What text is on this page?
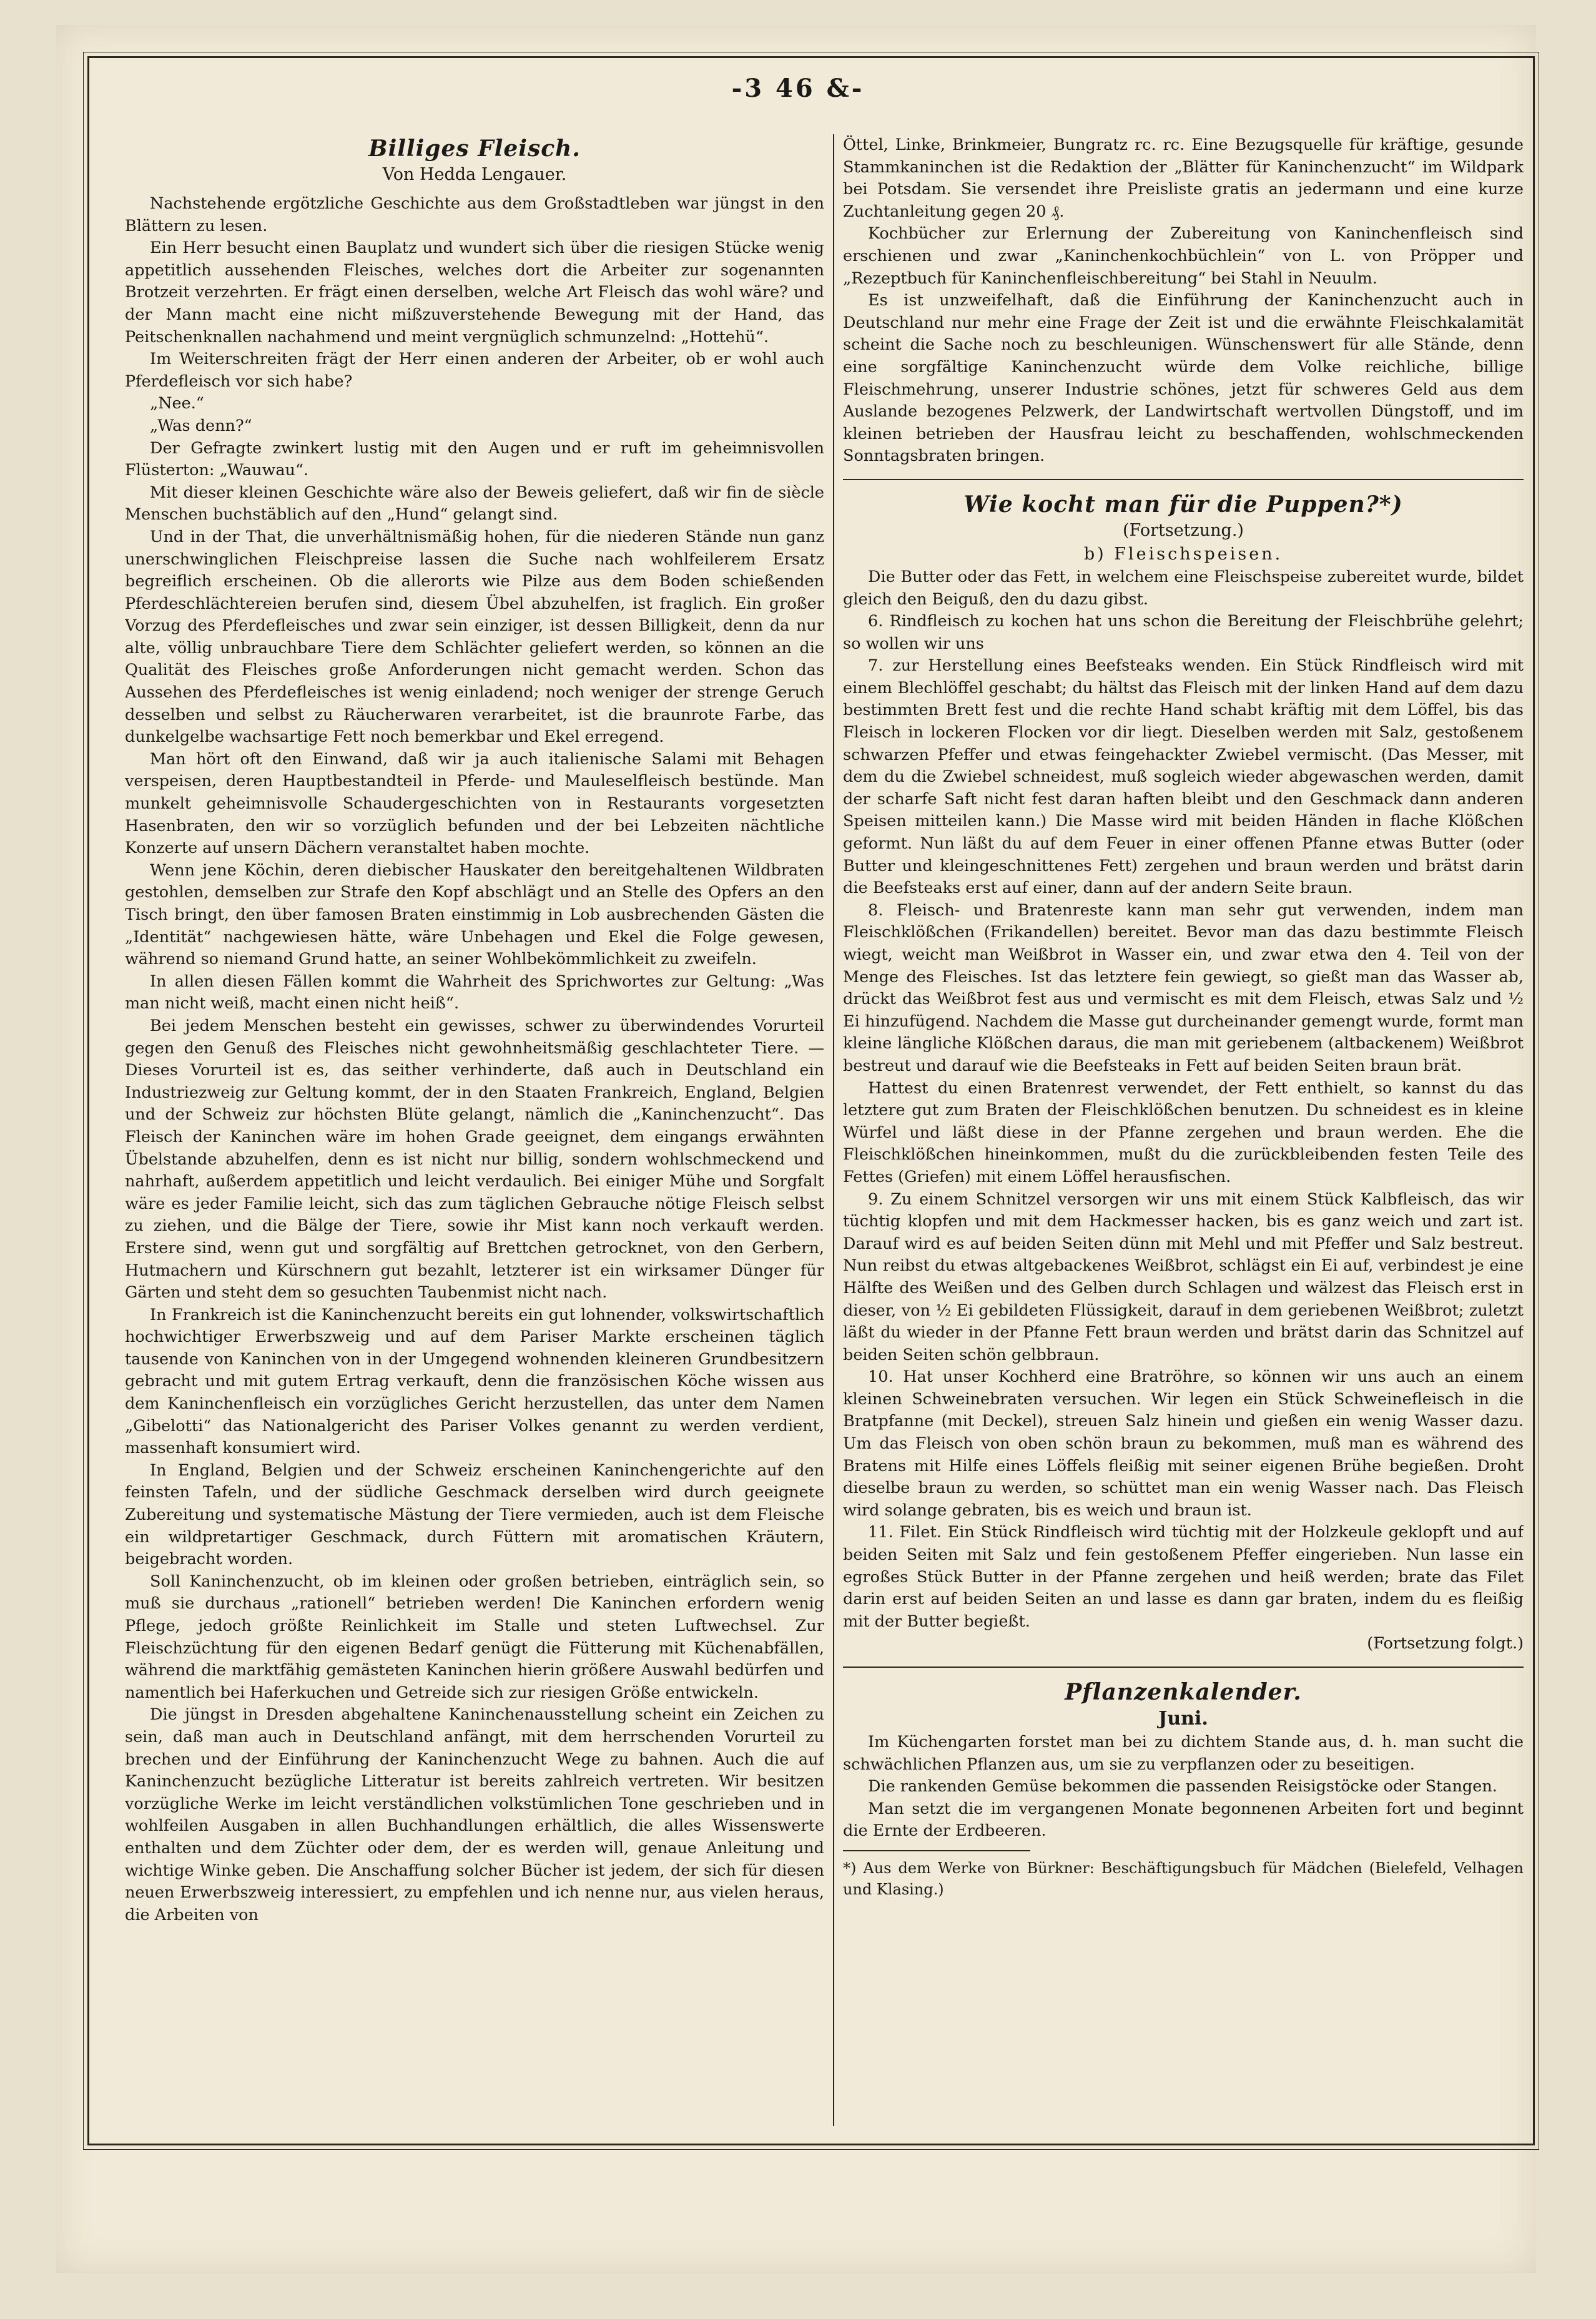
-3 46 &-
Billiges Fleisch.
Von Hedda Lengauer.

Nachstehende ergötzliche Geschichte aus dem Großstadtleben war jüngst in den Blättern zu lesen.

Ein Herr besucht einen Bauplatz und wundert sich über die riesigen Stücke wenig appetitlich aussehenden Fleisches, welches dort die Arbeiter zur sogenannten Brotzeit verzehrten. Er frägt einen derselben, welche Art Fleisch das wohl wäre? und der Mann macht eine nicht mißzuverstehende Bewegung mit der Hand, das Peitschenknallen nachahmend und meint vergnüglich schmunzelnd: „Hottehü“.

Im Weiterschreiten frägt der Herr einen anderen der Arbeiter, ob er wohl auch Pferdefleisch vor sich habe?

„Nee.“

„Was denn?“

Der Gefragte zwinkert lustig mit den Augen und er ruft im geheimnisvollen Flüsterton: „Wauwau“.

Mit dieser kleinen Geschichte wäre also der Beweis geliefert, daß wir fin de siècle Menschen buchstäblich auf den „Hund“ gelangt sind.

Und in der That, die unverhältnismäßig hohen, für die niederen Stände nun ganz unerschwinglichen Fleischpreise lassen die Suche nach wohlfeilerem Ersatz begreiflich erscheinen. Ob die allerorts wie Pilze aus dem Boden schießenden Pferdeschlächtereien berufen sind, diesem Übel abzuhelfen, ist fraglich. Ein großer Vorzug des Pferdefleisches und zwar sein einziger, ist dessen Billigkeit, denn da nur alte, völlig unbrauchbare Tiere dem Schlächter geliefert werden, so können an die Qualität des Fleisches große Anforderungen nicht gemacht werden. Schon das Aussehen des Pferdefleisches ist wenig einladend; noch weniger der strenge Geruch desselben und selbst zu Räucherwaren verarbeitet, ist die braunrote Farbe, das dunkelgelbe wachsartige Fett noch bemerkbar und Ekel erregend.

Man hört oft den Einwand, daß wir ja auch italienische Salami mit Behagen verspeisen, deren Hauptbestandteil in Pferde- und Mauleselfleisch bestünde. Man munkelt geheimnisvolle Schaudergeschichten von in Restaurants vorgesetzten Hasenbraten, den wir so vorzüglich befunden und der bei Lebzeiten nächtliche Konzerte auf unsern Dächern veranstaltet haben mochte.

Wenn jene Köchin, deren diebischer Hauskater den bereitgehaltenen Wildbraten gestohlen, demselben zur Strafe den Kopf abschlägt und an Stelle des Opfers an den Tisch bringt, den über famosen Braten einstimmig in Lob ausbrechenden Gästen die „Identität“ nachgewiesen hätte, wäre Unbehagen und Ekel die Folge gewesen, während so niemand Grund hatte, an seiner Wohlbekömmlichkeit zu zweifeln.

In allen diesen Fällen kommt die Wahrheit des Sprichwortes zur Geltung: „Was man nicht weiß, macht einen nicht heiß“.

Bei jedem Menschen besteht ein gewisses, schwer zu überwindendes Vorurteil gegen den Genuß des Fleisches nicht gewohnheitsmäßig geschlachteter Tiere. — Dieses Vorurteil ist es, das seither verhinderte, daß auch in Deutschland ein Industriezweig zur Geltung kommt, der in den Staaten Frankreich, England, Belgien und der Schweiz zur höchsten Blüte gelangt, nämlich die „Kaninchenzucht“. Das Fleisch der Kaninchen wäre im hohen Grade geeignet, dem eingangs erwähnten Übelstande abzuhelfen, denn es ist nicht nur billig, sondern wohlschmeckend und nahrhaft, außerdem appetitlich und leicht verdaulich. Bei einiger Mühe und Sorgfalt wäre es jeder Familie leicht, sich das zum täglichen Gebrauche nötige Fleisch selbst zu ziehen, und die Bälge der Tiere, sowie ihr Mist kann noch verkauft werden. Erstere sind, wenn gut und sorgfältig auf Brettchen getrocknet, von den Gerbern, Hutmachern und Kürschnern gut bezahlt, letzterer ist ein wirksamer Dünger für Gärten und steht dem so gesuchten Taubenmist nicht nach.

In Frankreich ist die Kaninchenzucht bereits ein gut lohnender, volkswirtschaftlich hochwichtiger Erwerbszweig und auf dem Pariser Markte erscheinen täglich tausende von Kaninchen von in der Umgegend wohnenden kleineren Grundbesitzern gebracht und mit gutem Ertrag verkauft, denn die französischen Köche wissen aus dem Kaninchenfleisch ein vorzügliches Gericht herzustellen, das unter dem Namen „Gibelotti“ das Nationalgericht des Pariser Volkes genannt zu werden verdient, massenhaft konsumiert wird.

In England, Belgien und der Schweiz erscheinen Kaninchengerichte auf den feinsten Tafeln, und der südliche Geschmack derselben wird durch geeignete Zubereitung und systematische Mästung der Tiere vermieden, auch ist dem Fleische ein wildpretartiger Geschmack, durch Füttern mit aromatischen Kräutern, beigebracht worden.

Soll Kaninchenzucht, ob im kleinen oder großen betrieben, einträglich sein, so muß sie durchaus „rationell“ betrieben werden! Die Kaninchen erfordern wenig Pflege, jedoch größte Reinlichkeit im Stalle und steten Luftwechsel. Zur Fleischzüchtung für den eigenen Bedarf genügt die Fütterung mit Küchenabfällen, während die marktfähig gemästeten Kaninchen hierin größere Auswahl bedürfen und namentlich bei Haferkuchen und Getreide sich zur riesigen Größe entwickeln.

Die jüngst in Dresden abgehaltene Kaninchenausstellung scheint ein Zeichen zu sein, daß man auch in Deutschland anfängt, mit dem herrschenden Vorurteil zu brechen und der Einführung der Kaninchenzucht Wege zu bahnen. Auch die auf Kaninchenzucht bezügliche Litteratur ist bereits zahlreich vertreten. Wir besitzen vorzügliche Werke im leicht verständlichen volkstümlichen Tone geschrieben und in wohlfeilen Ausgaben in allen Buchhandlungen erhältlich, die alles Wissenswerte enthalten und dem Züchter oder dem, der es werden will, genaue Anleitung und wichtige Winke geben. Die Anschaffung solcher Bücher ist jedem, der sich für diesen neuen Erwerbszweig interessiert, zu empfehlen und ich nenne nur, aus vielen heraus, die Arbeiten von

Öttel, Linke, Brinkmeier, Bungratz rc. rc. Eine Bezugsquelle für kräftige, gesunde Stammkaninchen ist die Redaktion der „Blätter für Kaninchenzucht“ im Wildpark bei Potsdam. Sie versendet ihre Preisliste gratis an jedermann und eine kurze Zuchtanleitung gegen 20 ₰.

Kochbücher zur Erlernung der Zubereitung von Kaninchenfleisch sind erschienen und zwar „Kaninchenkochbüchlein“ von L. von Pröpper und „Rezeptbuch für Kaninchenfleischbereitung“ bei Stahl in Neuulm.

Es ist unzweifelhaft, daß die Einführung der Kaninchenzucht auch in Deutschland nur mehr eine Frage der Zeit ist und die erwähnte Fleischkalamität scheint die Sache noch zu beschleunigen. Wünschenswert für alle Stände, denn eine sorgfältige Kaninchenzucht würde dem Volke reichliche, billige Fleischmehrung, unserer Industrie schönes, jetzt für schweres Geld aus dem Auslande bezogenes Pelzwerk, der Landwirtschaft wertvollen Düngstoff, und im kleinen betrieben der Hausfrau leicht zu beschaffenden, wohlschmeckenden Sonntagsbraten bringen.

Wie kocht man für die Puppen?*)
(Fortsetzung.)
b) Fleischspeisen.

Die Butter oder das Fett, in welchem eine Fleischspeise zubereitet wurde, bildet gleich den Beiguß, den du dazu gibst.

6. Rindfleisch zu kochen hat uns schon die Bereitung der Fleischbrühe gelehrt; so wollen wir uns

7. zur Herstellung eines Beefsteaks wenden. Ein Stück Rindfleisch wird mit einem Blechlöffel geschabt; du hältst das Fleisch mit der linken Hand auf dem dazu bestimmten Brett fest und die rechte Hand schabt kräftig mit dem Löffel, bis das Fleisch in lockeren Flocken vor dir liegt. Dieselben werden mit Salz, gestoßenem schwarzen Pfeffer und etwas feingehackter Zwiebel vermischt. (Das Messer, mit dem du die Zwiebel schneidest, muß sogleich wieder abgewaschen werden, damit der scharfe Saft nicht fest daran haften bleibt und den Geschmack dann anderen Speisen mitteilen kann.) Die Masse wird mit beiden Händen in flache Klößchen geformt. Nun läßt du auf dem Feuer in einer offenen Pfanne etwas Butter (oder Butter und kleingeschnittenes Fett) zergehen und braun werden und brätst darin die Beefsteaks erst auf einer, dann auf der andern Seite braun.

8. Fleisch- und Bratenreste kann man sehr gut verwenden, indem man Fleischklößchen (Frikandellen) bereitet. Bevor man das dazu bestimmte Fleisch wiegt, weicht man Weißbrot in Wasser ein, und zwar etwa den 4. Teil von der Menge des Fleisches. Ist das letztere fein gewiegt, so gießt man das Wasser ab, drückt das Weißbrot fest aus und vermischt es mit dem Fleisch, etwas Salz und ½ Ei hinzufügend. Nachdem die Masse gut durcheinander gemengt wurde, formt man kleine längliche Klößchen daraus, die man mit geriebenem (altbackenem) Weißbrot bestreut und darauf wie die Beefsteaks in Fett auf beiden Seiten braun brät.

Hattest du einen Bratenrest verwendet, der Fett enthielt, so kannst du das letztere gut zum Braten der Fleischklößchen benutzen. Du schneidest es in kleine Würfel und läßt diese in der Pfanne zergehen und braun werden. Ehe die Fleischklößchen hineinkommen, mußt du die zurückbleibenden festen Teile des Fettes (Griefen) mit einem Löffel herausfischen.

9. Zu einem Schnitzel versorgen wir uns mit einem Stück Kalbfleisch, das wir tüchtig klopfen und mit dem Hackmesser hacken, bis es ganz weich und zart ist. Darauf wird es auf beiden Seiten dünn mit Mehl und mit Pfeffer und Salz bestreut. Nun reibst du etwas altgebackenes Weißbrot, schlägst ein Ei auf, verbindest je eine Hälfte des Weißen und des Gelben durch Schlagen und wälzest das Fleisch erst in dieser, von ½ Ei gebildeten Flüssigkeit, darauf in dem geriebenen Weißbrot; zuletzt läßt du wieder in der Pfanne Fett braun werden und brätst darin das Schnitzel auf beiden Seiten schön gelbbraun.

10. Hat unser Kochherd eine Bratröhre, so können wir uns auch an einem kleinen Schweinebraten versuchen. Wir legen ein Stück Schweinefleisch in die Bratpfanne (mit Deckel), streuen Salz hinein und gießen ein wenig Wasser dazu. Um das Fleisch von oben schön braun zu bekommen, muß man es während des Bratens mit Hilfe eines Löffels fleißig mit seiner eigenen Brühe begießen. Droht dieselbe braun zu werden, so schüttet man ein wenig Wasser nach. Das Fleisch wird solange gebraten, bis es weich und braun ist.

11. Filet. Ein Stück Rindfleisch wird tüchtig mit der Holzkeule geklopft und auf beiden Seiten mit Salz und fein gestoßenem Pfeffer eingerieben. Nun lasse ein egroßes Stück Butter in der Pfanne zergehen und heiß werden; brate das Filet darin erst auf beiden Seiten an und lasse es dann gar braten, indem du es fleißig mit der Butter begießt.

(Fortsetzung folgt.)

Pflanzenkalender.
Juni.

Im Küchengarten forstet man bei zu dichtem Stande aus, d. h. man sucht die schwächlichen Pflanzen aus, um sie zu verpflanzen oder zu beseitigen.

Die rankenden Gemüse bekommen die passenden Reisigstöcke oder Stangen.

Man setzt die im vergangenen Monate begonnenen Arbeiten fort und beginnt die Ernte der Erdbeeren.

*) Aus dem Werke von Bürkner: Beschäftigungsbuch für Mädchen (Bielefeld, Velhagen und Klasing.)
